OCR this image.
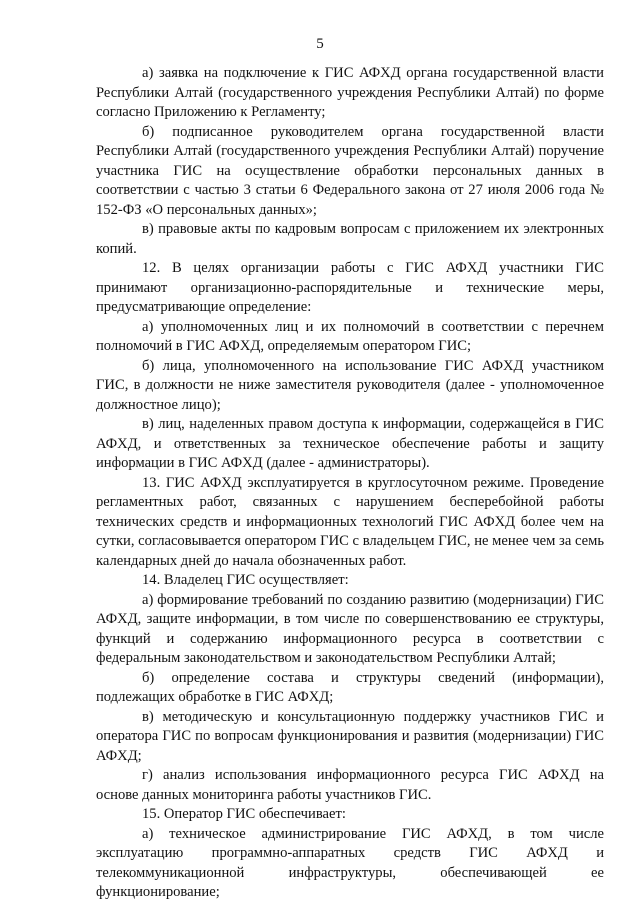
5

а) заявка на подключение к ГИС АФХД органа государственной власти Республики Алтай (государственного учреждения Республики Алтай) по форме согласно Приложению к Регламенту;

б) подписанное руководителем органа государственной власти Республики Алтай (государственного учреждения Республики Алтай) поручение участника ГИС на осуществление обработки персональных данных в соответствии с частью 3 статьи 6 Федерального закона от 27 июля 2006 года № 152-ФЗ «О персональных данных»;

в) правовые акты по кадровым вопросам с приложением их электронных копий.

12. В целях организации работы с ГИС АФХД участники ГИС принимают организационно-распорядительные и технические меры, предусматривающие определение:

а) уполномоченных лиц и их полномочий в соответствии с перечнем полномочий в ГИС АФХД, определяемым оператором ГИС;

б) лица, уполномоченного на использование ГИС АФХД участником ГИС, в должности не ниже заместителя руководителя (далее - уполномоченное должностное лицо);

в) лиц, наделенных правом доступа к информации, содержащейся в ГИС АФХД, и ответственных за техническое обеспечение работы и защиту информации в ГИС АФХД (далее - администраторы).

13. ГИС АФХД эксплуатируется в круглосуточном режиме. Проведение регламентных работ, связанных с нарушением бесперебойной работы технических средств и информационных технологий ГИС АФХД более чем на сутки, согласовывается оператором ГИС с владельцем ГИС, не менее чем за семь календарных дней до начала обозначенных работ.

14. Владелец ГИС осуществляет:

а) формирование требований по созданию развитию (модернизации) ГИС АФХД, защите информации, в том числе по совершенствованию ее структуры, функций и содержанию информационного ресурса в соответствии с федеральным законодательством и законодательством Республики Алтай;

б) определение состава и структуры сведений (информации), подлежащих обработке в ГИС АФХД;

в) методическую и консультационную поддержку участников ГИС и оператора ГИС по вопросам функционирования и развития (модернизации) ГИС АФХД;

г) анализ использования информационного ресурса ГИС АФХД на основе данных мониторинга работы участников ГИС.

15. Оператор ГИС обеспечивает:

а) техническое администрирование ГИС АФХД, в том числе эксплуатацию программно-аппаратных средств ГИС АФХД и телекоммуникационной инфраструктуры, обеспечивающей ее функционирование;
